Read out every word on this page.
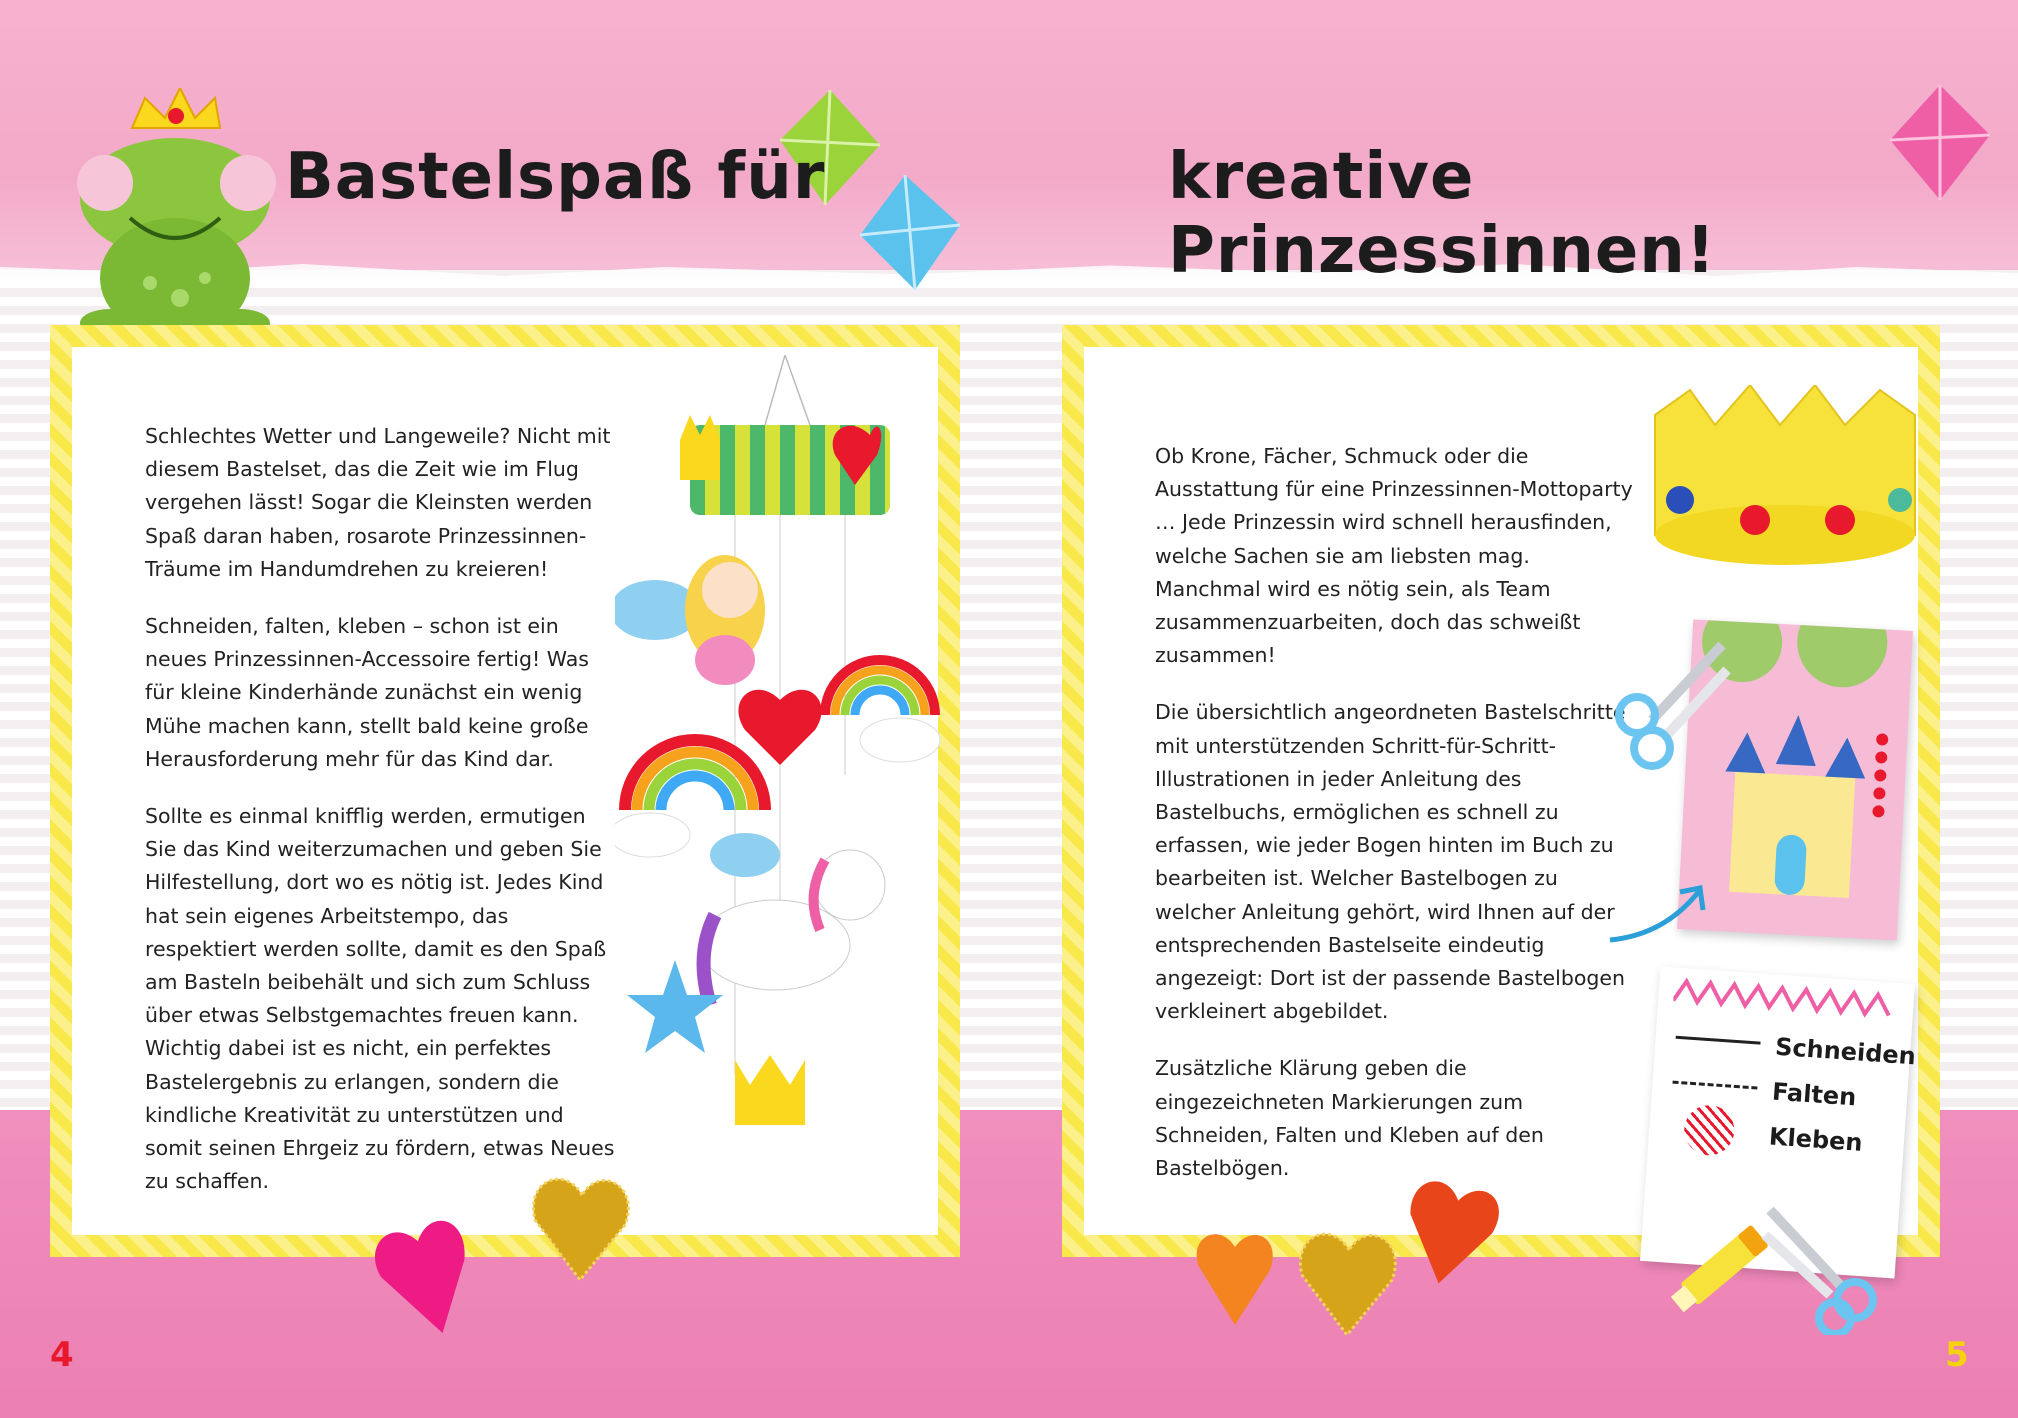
Bastelspaß für	kreative Prinzessinnen!

Schlechtes Wetter und Langeweile? Nicht mit diesem Bastelset, das die Zeit wie im Flug vergehen lässt! Sogar die Kleinsten werden Spaß daran haben, rosarote Prinzessinnen-Träume im Handumdrehen zu kreieren!

Schneiden, falten, kleben – schon ist ein neues Prinzessinnen-Accessoire fertig! Was für kleine Kinderhände zunächst ein wenig Mühe machen kann, stellt bald keine große Herausforderung mehr für das Kind dar.

Sollte es einmal knifflig werden, ermutigen Sie das Kind weiterzumachen und geben Sie Hilfestellung, dort wo es nötig ist. Jedes Kind hat sein eigenes Arbeitstempo, das respektiert werden sollte, damit es den Spaß am Basteln beibehält und sich zum Schluss über etwas Selbstgemachtes freuen kann. Wichtig dabei ist es nicht, ein perfektes Bastelergebnis zu erlangen, sondern die kindliche Kreativität zu unterstützen und somit seinen Ehrgeiz zu fördern, etwas Neues zu schaffen.

Ob Krone, Fächer, Schmuck oder die Ausstattung für eine Prinzessinnen-Mottoparty … Jede Prinzessin wird schnell herausfinden, welche Sachen sie am liebsten mag. Manchmal wird es nötig sein, als Team zusammenzuarbeiten, doch das schweißt zusammen!

Die übersichtlich angeordneten Bastelschritte mit unterstützenden Schritt-für-Schritt-Illustrationen in jeder Anleitung des Bastelbuchs, ermöglichen es schnell zu erfassen, wie jeder Bogen hinten im Buch zu bearbeiten ist. Welcher Bastelbogen zu welcher Anleitung gehört, wird Ihnen auf der entsprechenden Bastelseite eindeutig angezeigt: Dort ist der passende Bastelbogen verkleinert abgebildet.

Zusätzliche Klärung geben die eingezeichneten Markierungen zum Schneiden, Falten und Kleben auf den Bastelbögen.

Schneiden
Falten
Kleben
4	5
